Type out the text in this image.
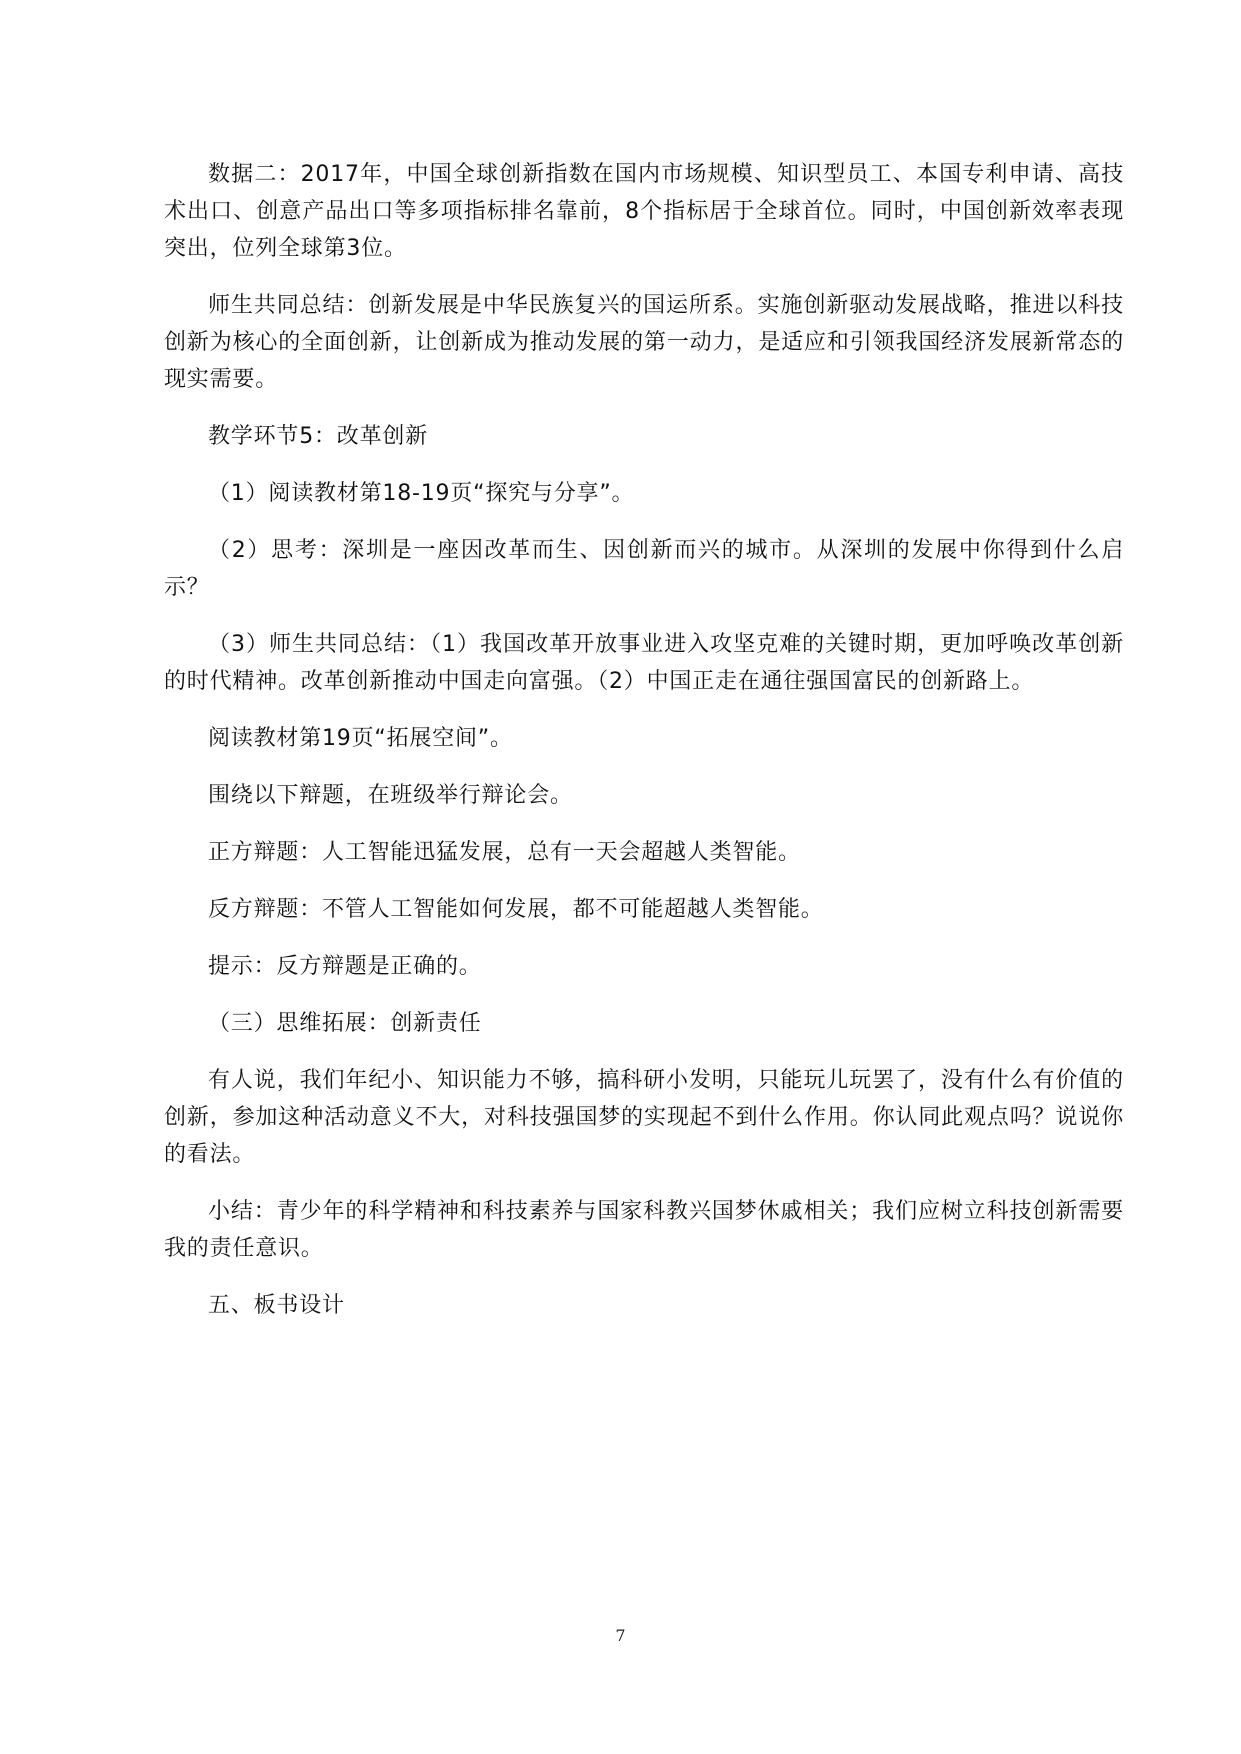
数据二：2017年，中国全球创新指数在国内市场规模、知识型员工、本国专利申请、高技术出口、创意产品出口等多项指标排名靠前，8个指标居于全球首位。同时，中国创新效率表现突出，位列全球第3位。

师生共同总结：创新发展是中华民族复兴的国运所系。实施创新驱动发展战略，推进以科技创新为核心的全面创新，让创新成为推动发展的第一动力，是适应和引领我国经济发展新常态的现实需要。

教学环节5：改革创新

（1）阅读教材第18-19页“探究与分享”。

（2）思考：深圳是一座因改革而生、因创新而兴的城市。从深圳的发展中你得到什么启示？

（3）师生共同总结：（1）我国改革开放事业进入攻坚克难的关键时期，更加呼唤改革创新的时代精神。改革创新推动中国走向富强。（2）中国正走在通往强国富民的创新路上。

阅读教材第19页“拓展空间”。

围绕以下辩题，在班级举行辩论会。

正方辩题：人工智能迅猛发展，总有一天会超越人类智能。

反方辩题：不管人工智能如何发展，都不可能超越人类智能。

提示：反方辩题是正确的。

（三）思维拓展：创新责任

有人说，我们年纪小、知识能力不够，搞科研小发明，只能玩儿玩罢了，没有什么有价值的创新，参加这种活动意义不大，对科技强国梦的实现起不到什么作用。你认同此观点吗？说说你的看法。

小结：青少年的科学精神和科技素养与国家科教兴国梦休戚相关；我们应树立科技创新需要我的责任意识。

五、板书设计

7
